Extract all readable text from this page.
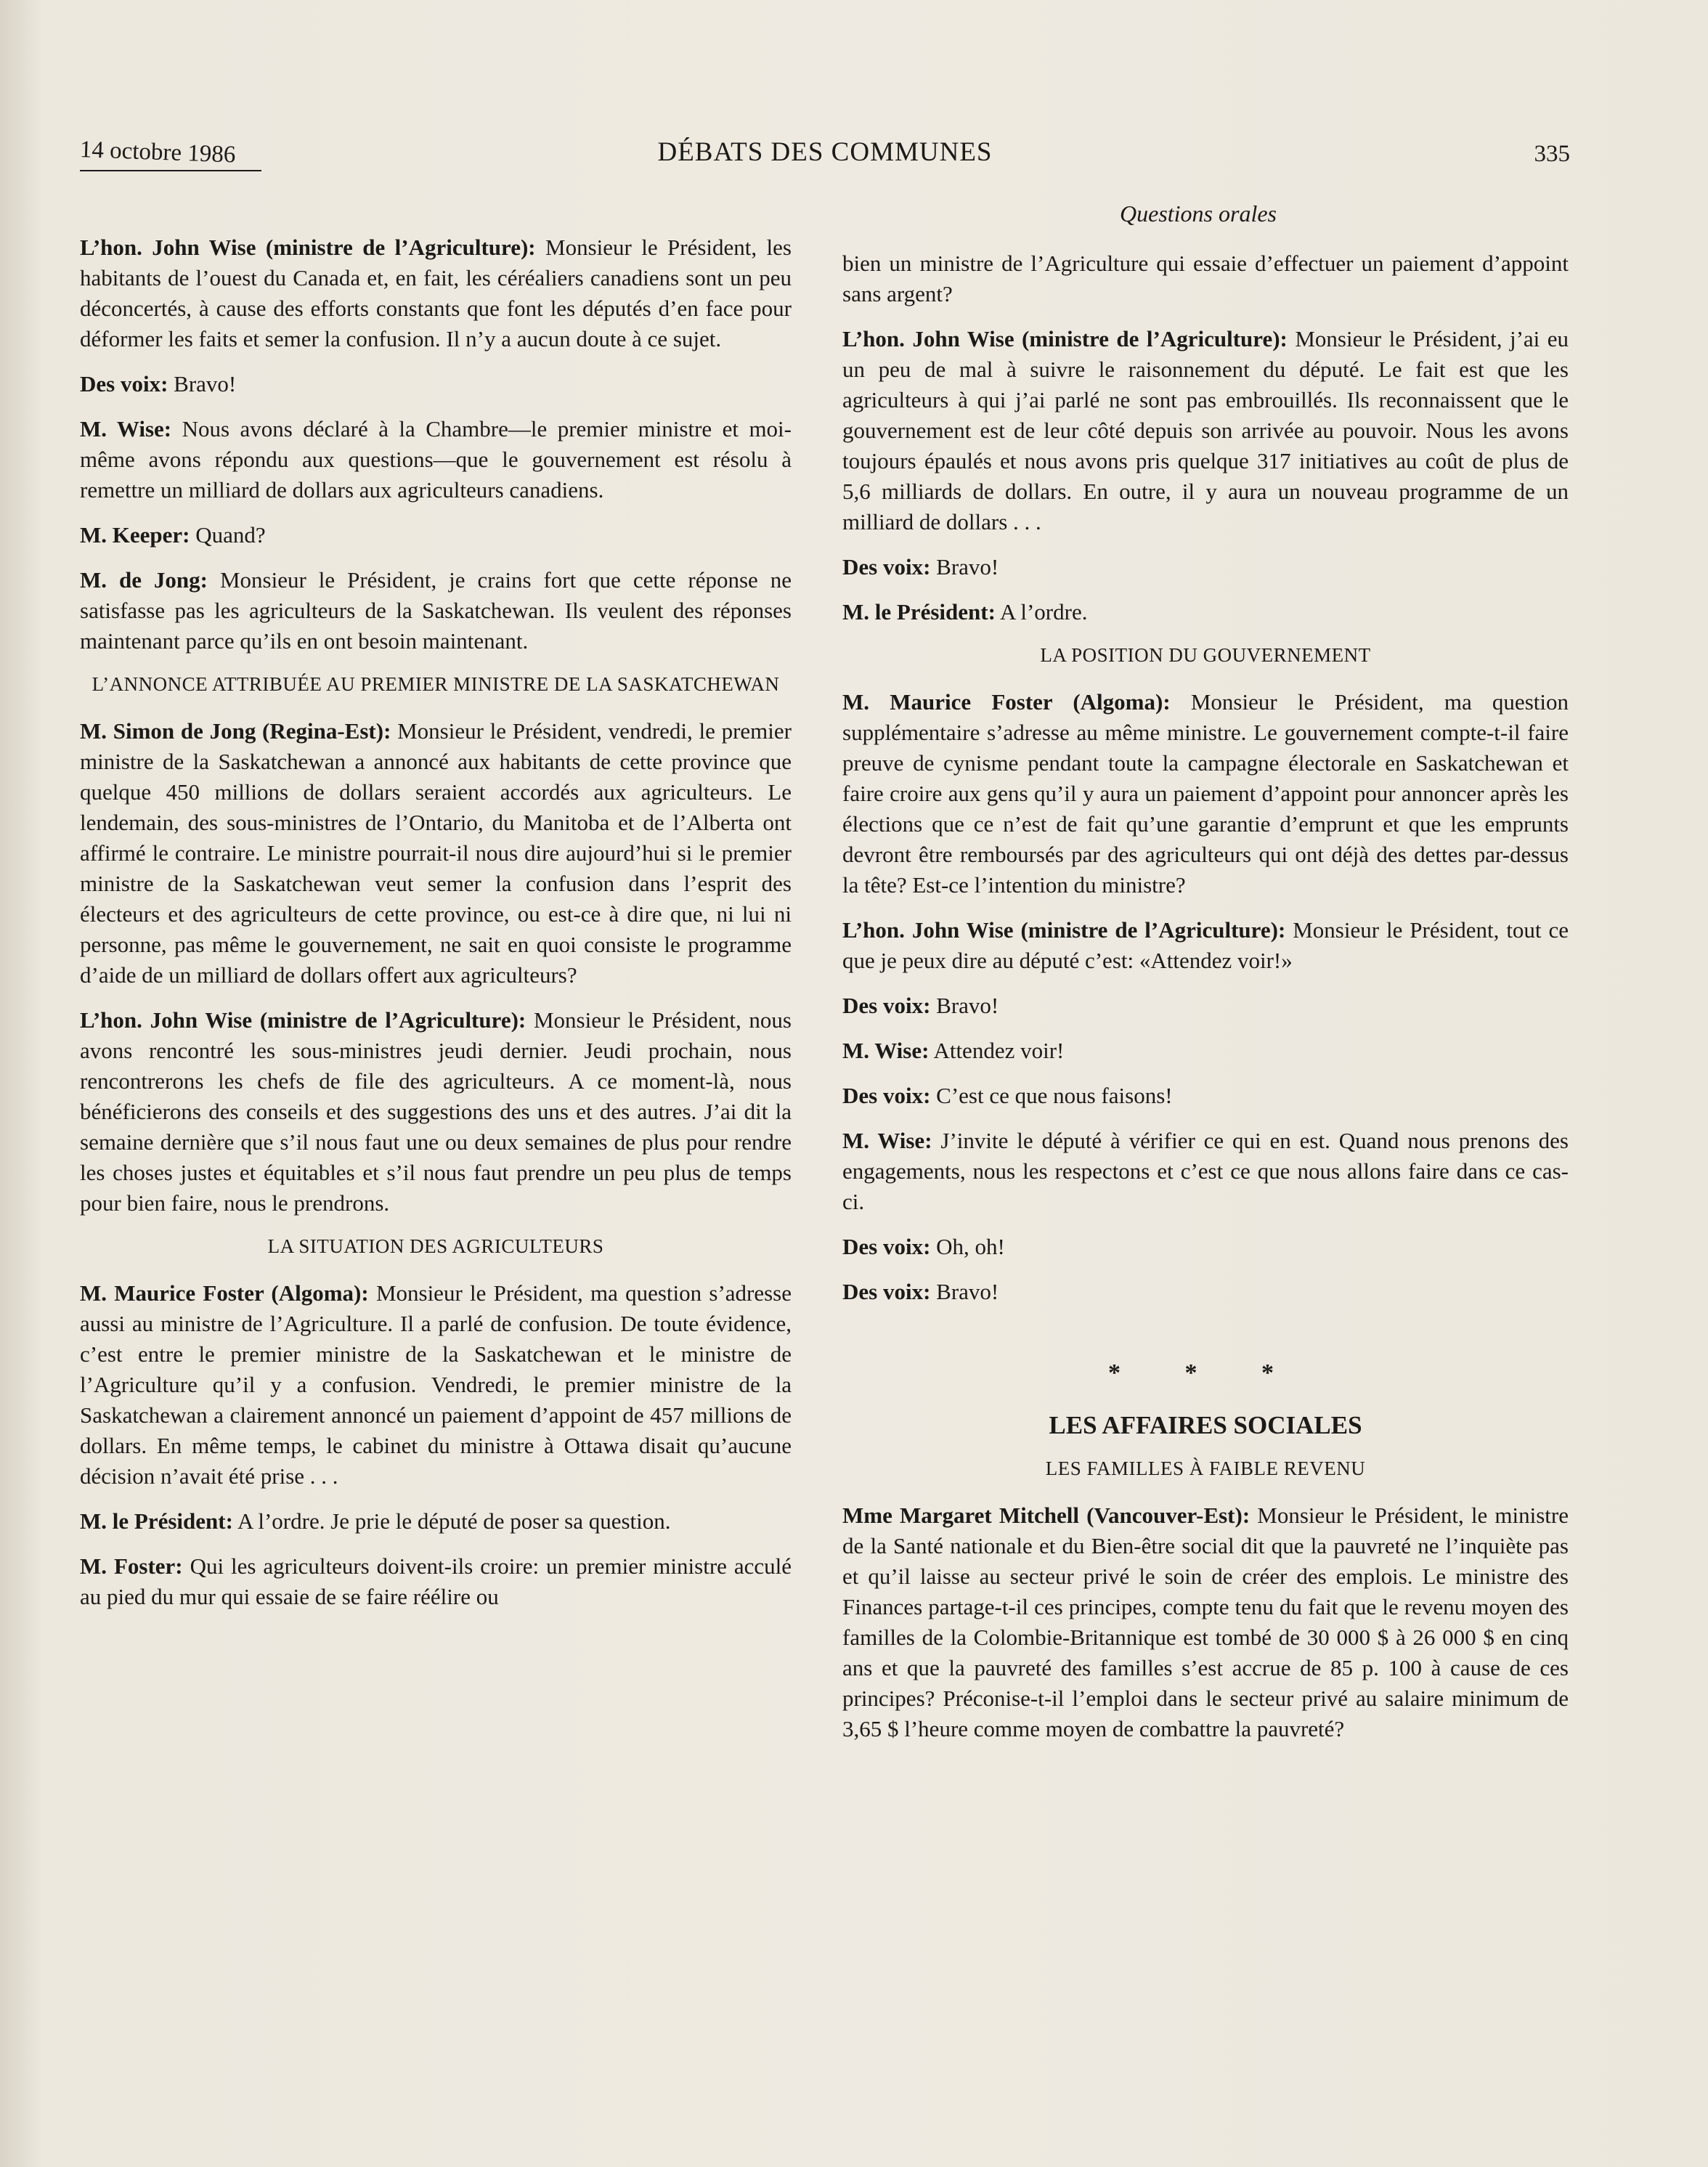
14 octobre 1986	DÉBATS DES COMMUNES	335
Questions orales

L’hon. John Wise (ministre de l’Agriculture): Monsieur le Président, les habitants de l’ouest du Canada et, en fait, les céréaliers canadiens sont un peu déconcertés, à cause des efforts constants que font les députés d’en face pour déformer les faits et semer la confusion. Il n’y a aucun doute à ce sujet.

Des voix: Bravo!

M. Wise: Nous avons déclaré à la Chambre—le premier ministre et moi-même avons répondu aux questions—que le gouvernement est résolu à remettre un milliard de dollars aux agriculteurs canadiens.

M. Keeper: Quand?

M. de Jong: Monsieur le Président, je crains fort que cette réponse ne satisfasse pas les agriculteurs de la Saskatchewan. Ils veulent des réponses maintenant parce qu’ils en ont besoin maintenant.

L’ANNONCE ATTRIBUÉE AU PREMIER MINISTRE DE LA SASKATCHEWAN

M. Simon de Jong (Regina-Est): Monsieur le Président, vendredi, le premier ministre de la Saskatchewan a annoncé aux habitants de cette province que quelque 450 millions de dollars seraient accordés aux agriculteurs. Le lendemain, des sous-ministres de l’Ontario, du Manitoba et de l’Alberta ont affirmé le contraire. Le ministre pourrait-il nous dire aujourd’hui si le premier ministre de la Saskatchewan veut semer la confusion dans l’esprit des électeurs et des agriculteurs de cette province, ou est-ce à dire que, ni lui ni personne, pas même le gouvernement, ne sait en quoi consiste le programme d’aide de un milliard de dollars offert aux agriculteurs?

L’hon. John Wise (ministre de l’Agriculture): Monsieur le Président, nous avons rencontré les sous-ministres jeudi dernier. Jeudi prochain, nous rencontrerons les chefs de file des agriculteurs. A ce moment-là, nous bénéficierons des conseils et des suggestions des uns et des autres. J’ai dit la semaine dernière que s’il nous faut une ou deux semaines de plus pour rendre les choses justes et équitables et s’il nous faut prendre un peu plus de temps pour bien faire, nous le prendrons.

LA SITUATION DES AGRICULTEURS

M. Maurice Foster (Algoma): Monsieur le Président, ma question s’adresse aussi au ministre de l’Agriculture. Il a parlé de confusion. De toute évidence, c’est entre le premier ministre de la Saskatchewan et le ministre de l’Agriculture qu’il y a confusion. Vendredi, le premier ministre de la Saskatchewan a clairement annoncé un paiement d’appoint de 457 millions de dollars. En même temps, le cabinet du ministre à Ottawa disait qu’aucune décision n’avait été prise . . .

M. le Président: A l’ordre. Je prie le député de poser sa question.

M. Foster: Qui les agriculteurs doivent-ils croire: un premier ministre acculé au pied du mur qui essaie de se faire réélire ou

bien un ministre de l’Agriculture qui essaie d’effectuer un paiement d’appoint sans argent?

L’hon. John Wise (ministre de l’Agriculture): Monsieur le Président, j’ai eu un peu de mal à suivre le raisonnement du député. Le fait est que les agriculteurs à qui j’ai parlé ne sont pas embrouillés. Ils reconnaissent que le gouvernement est de leur côté depuis son arrivée au pouvoir. Nous les avons toujours épaulés et nous avons pris quelque 317 initiatives au coût de plus de 5,6 milliards de dollars. En outre, il y aura un nouveau programme de un milliard de dollars . . .

Des voix: Bravo!

M. le Président: A l’ordre.

LA POSITION DU GOUVERNEMENT

M. Maurice Foster (Algoma): Monsieur le Président, ma question supplémentaire s’adresse au même ministre. Le gouvernement compte-t-il faire preuve de cynisme pendant toute la campagne électorale en Saskatchewan et faire croire aux gens qu’il y aura un paiement d’appoint pour annoncer après les élections que ce n’est de fait qu’une garantie d’emprunt et que les emprunts devront être remboursés par des agriculteurs qui ont déjà des dettes par-dessus la tête? Est-ce l’intention du ministre?

L’hon. John Wise (ministre de l’Agriculture): Monsieur le Président, tout ce que je peux dire au député c’est: «Attendez voir!»

Des voix: Bravo!

M. Wise: Attendez voir!

Des voix: C’est ce que nous faisons!

M. Wise: J’invite le député à vérifier ce qui en est. Quand nous prenons des engagements, nous les respectons et c’est ce que nous allons faire dans ce cas-ci.

Des voix: Oh, oh!

Des voix: Bravo!

* * *
LES AFFAIRES SOCIALES
LES FAMILLES À FAIBLE REVENU

Mme Margaret Mitchell (Vancouver-Est): Monsieur le Président, le ministre de la Santé nationale et du Bien-être social dit que la pauvreté ne l’inquiète pas et qu’il laisse au secteur privé le soin de créer des emplois. Le ministre des Finances partage-t-il ces principes, compte tenu du fait que le revenu moyen des familles de la Colombie-Britannique est tombé de 30 000 $ à 26 000 $ en cinq ans et que la pauvreté des familles s’est accrue de 85 p. 100 à cause de ces principes? Préconise-t-il l’emploi dans le secteur privé au salaire minimum de 3,65 $ l’heure comme moyen de combattre la pauvreté?
